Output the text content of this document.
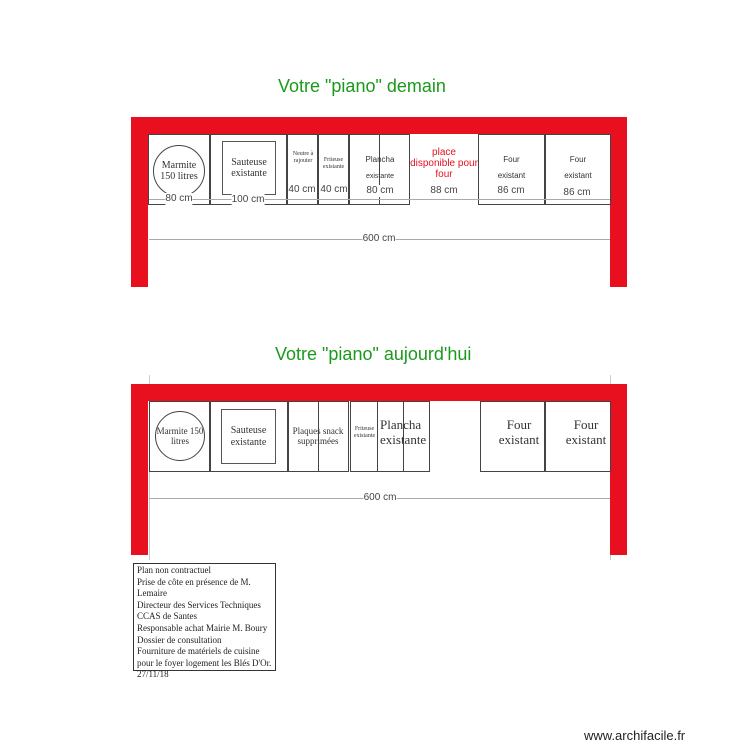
Votre "piano" demain
Marmite 150 litres
Sauteuse existante
Neutre à rajouter	Friteuse existante
Plancha
existante
place disponible pour four
Four
existant
Four
existant
80 cm	100 cm
40 cm 40 cm 80 cm	88 cm	86 cm	86 cm
600 cm
Votre "piano" aujourd'hui
Marmite 150 litres
Sauteuse existante
Plaques snack supprimées
Friteuse existante
Plancha existante
Four existant
Four existant
600 cm
Plan non contractuel
Prise de côte en présence de M. Lemaire
Directeur des Services Techniques
CCAS de Santes
Responsable achat Mairie M. Boury
Dossier de consultation
Fourniture de matériels de cuisine
pour le foyer logement les Blés D'Or.
27/11/18
www.archifacile.fr
